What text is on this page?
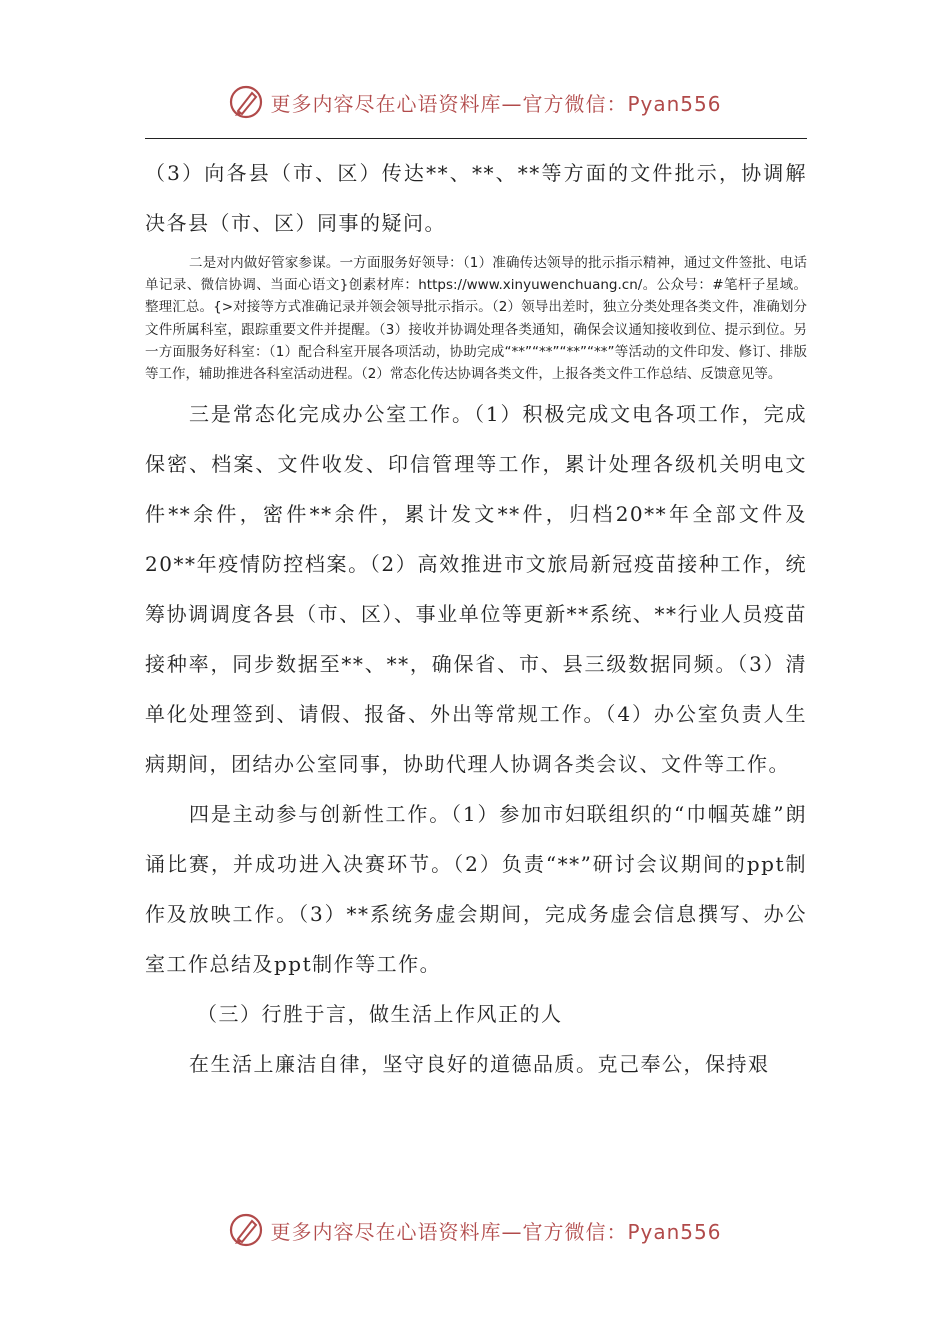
更多内容尽在心语资料库—官方微信：Pyan556

（3）向各县（市、区）传达**、**、**等方面的文件批示，协调解决各县（市、区）同事的疑问。

二是对内做好管家参谋。一方面服务好领导：（1）准确传达领导的批示指示精神，通过文件签批、电话单记录、微信协调、当面心语文}创素材库：https://www.xinyuwenchuang.cn/。公众号：#笔杆子星域。整理汇总。{>对接等方式准确记录并领会领导批示指示。（2）领导出差时，独立分类处理各类文件，准确划分文件所属科室，跟踪重要文件并提醒。（3）接收并协调处理各类通知，确保会议通知接收到位、提示到位。另一方面服务好科室：（1）配合科室开展各项活动，协助完成“**”“**”“**”“**”等活动的文件印发、修订、排版等工作，辅助推进各科室活动进程。（2）常态化传达协调各类文件，上报各类文件工作总结、反馈意见等。

三是常态化完成办公室工作。（1）积极完成文电各项工作，完成保密、档案、文件收发、印信管理等工作，累计处理各级机关明电文件**余件，密件**余件，累计发文**件，归档20**年全部文件及20**年疫情防控档案。（2）高效推进市文旅局新冠疫苗接种工作，统筹协调调度各县（市、区）、事业单位等更新**系统、**行业人员疫苗接种率，同步数据至**、**，确保省、市、县三级数据同频。（3）清单化处理签到、请假、报备、外出等常规工作。（4）办公室负责人生病期间，团结办公室同事，协助代理人协调各类会议、文件等工作。

四是主动参与创新性工作。（1）参加市妇联组织的“巾帼英雄”朗诵比赛，并成功进入决赛环节。（2）负责“**”研讨会议期间的ppt制作及放映工作。（3）**系统务虚会期间，完成务虚会信息撰写、办公室工作总结及ppt制作等工作。

（三）行胜于言，做生活上作风正的人

在生活上廉洁自律，坚守良好的道德品质。克己奉公，保持艰

更多内容尽在心语资料库—官方微信：Pyan556
